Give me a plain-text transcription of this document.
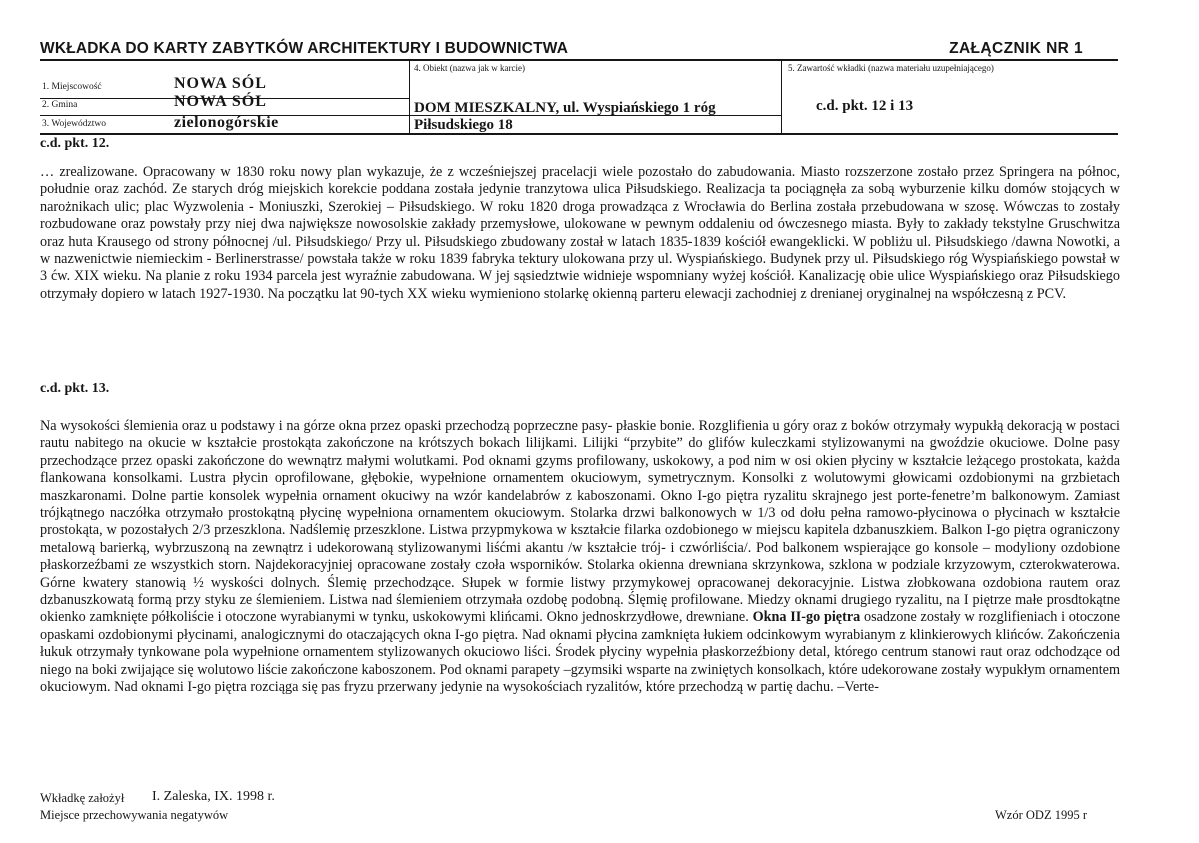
WKŁADKA DO KARTY ZABYTKÓW ARCHITEKTURY I BUDOWNICTWA	ZAŁĄCZNIK NR 1
1. Miejscowość	NOWA SÓL
2. Gmina	NOWA SÓL
3. Województwo	zielonogórskie
4. Obiekt (nazwa jak w karcie)
DOM MIESZKALNY, ul. Wyspiańskiego 1 róg
Piłsudskiego 18
5. Zawartość wkładki (nazwa materiału uzupełniającego)
c.d. pkt. 12 i 13
c.d. pkt. 12.
… zrealizowane. Opracowany w 1830 roku nowy plan wykazuje, że z wcześniejszej pracelacji wiele pozostało do zabudowania. Miasto rozszerzone zostało przez Springera na północ, południe oraz zachód. Ze starych dróg miejskich korekcie poddana została jedynie tranzytowa ulica Piłsudskiego. Realizacja ta pociągnęła za sobą wyburzenie kilku domów stojących w narożnikach ulic; plac Wyzwolenia - Moniuszki, Szerokiej – Piłsudskiego. W roku 1820 droga prowadząca z Wrocławia do Berlina została przebudowana w szosę. Wówczas to zostały rozbudowane oraz powstały przy niej dwa największe nowosolskie zakłady przemysłowe, ulokowane w pewnym oddaleniu od ówczesnego miasta. Były to zakłady tekstylne Gruschwitza oraz huta Krausego od strony północnej /ul. Piłsudskiego/ Przy ul. Piłsudskiego zbudowany został w latach 1835-1839 kościół ewangeklicki. W pobliżu ul. Piłsudskiego /dawna Nowotki, a w nazwenictwie niemieckim - Berlinerstrasse/ powstała także w roku 1839 fabryka tektury ulokowana przy ul. Wyspiańskiego. Budynek przy ul. Piłsudskiego róg Wyspiańskiego powstał w 3 ćw. XIX wieku. Na planie z roku 1934 parcela jest wyraźnie zabudowana. W jej sąsiedztwie widnieje wspomniany wyżej kościół. Kanalizację obie ulice Wyspiańskiego oraz Piłsudskiego otrzymały dopiero w latach 1927-1930. Na początku lat 90-tych XX wieku wymieniono stolarkę okienną parteru elewacji zachodniej z drenianej oryginalnej na współczesną z PCV.
c.d. pkt. 13.
Na wysokości ślemienia oraz u podstawy i na górze okna przez opaski przechodzą poprzeczne pasy- płaskie bonie. Rozglifienia u góry oraz z boków otrzymały wypukłą dekoracją w postaci rautu nabitego na okucie w kształcie prostokąta zakończone na krótszych bokach lilijkami. Lilijki “przybite” do glifów kuleczkami stylizowanymi na gwoździe okuciowe. Dolne pasy przechodzące przez opaski zakończone do wewnątrz małymi wolutkami. Pod oknami gzyms profilowany, uskokowy, a pod nim w osi okien płyciny w kształcie leżącego prostokata, każda flankowana konsolkami. Lustra płycin oprofilowane, głębokie, wypełnione ornamentem okuciowym, symetrycznym. Konsolki z wolutowymi głowicami ozdobionymi na grzbietach maszkaronami. Dolne partie konsolek wypełnia ornament okuciwy na wzór kandelabrów z kaboszonami. Okno I-go piętra ryzalitu skrajnego jest porte-fenetre’m balkonowym. Zamiast trójkątnego naczółka otrzymało prostokątną płycinę wypełniona ornamentem okuciowym. Stolarka drzwi balkonowych w 1/3 od dołu pełna ramowo-płycinowa o płycinach w kształcie prostokąta, w pozostałych 2/3 przeszklona. Nadślemię przeszklone. Listwa przypmykowa w kształcie filarka ozdobionego w miejscu kapitela dzbanuszkiem. Balkon I-go piętra ograniczony metalową barierką, wybrzuszoną na zewnątrz i udekorowaną stylizowanymi liśćmi akantu /w kształcie trój- i czwórliścia/. Pod balkonem wspierające go konsole – modyliony ozdobione płaskorzeźbami ze wszystkich storn. Najdekoracyjniej opracowane zostały czoła wsporników. Stolarka okienna drewniana skrzynkowa, szklona w podziale krzyzowym, czterokwaterowa. Górne kwatery stanowią ½ wyskości dolnych. Ślemię przechodzące. Słupek w formie listwy przymykowej opracowanej dekoracyjnie. Listwa złobkowana ozdobiona rautem oraz dzbanuszkowatą formą przy styku ze ślemieniem. Listwa nad ślemieniem otrzymała ozdobę podobną. Ślęmię profilowane. Miedzy oknami drugiego ryzalitu, na I piętrze małe prosdtokątne okienko zamknięte półkoliście i otoczone wyrabianymi w tynku, uskokowymi klińcami. Okno jednoskrzydłowe, drewniane. Okna II-go piętra osadzone zostały w rozglifieniach i otoczone opaskami ozdobionymi płycinami, analogicznymi do otaczających okna I-go piętra. Nad oknami płycina zamknięta łukiem odcinkowym wyrabianym z klinkierowych klińców. Zakończenia łukuk otrzymały tynkowane pola wypełnione ornamentem stylizowanych okuciowo liści. Środek płyciny wypełnia płaskorzeźbiony detal, którego centrum stanowi raut oraz odchodzące od niego na boki zwijające się wolutowo liście zakończone kaboszonem. Pod oknami parapety –gzymsiki wsparte na zwiniętych konsolkach, które udekorowane zostały wypukłym ornamentem okuciowym. Nad oknami I-go piętra rozciąga się pas fryzu przerwany jedynie na wysokościach ryzalitów, które przechodzą w partię dachu. –Verte-
Wkładkę założył I. Zaleska, IX. 1998 r.
Miejsce przechowywania negatywów	Wzór ODZ 1995 r
